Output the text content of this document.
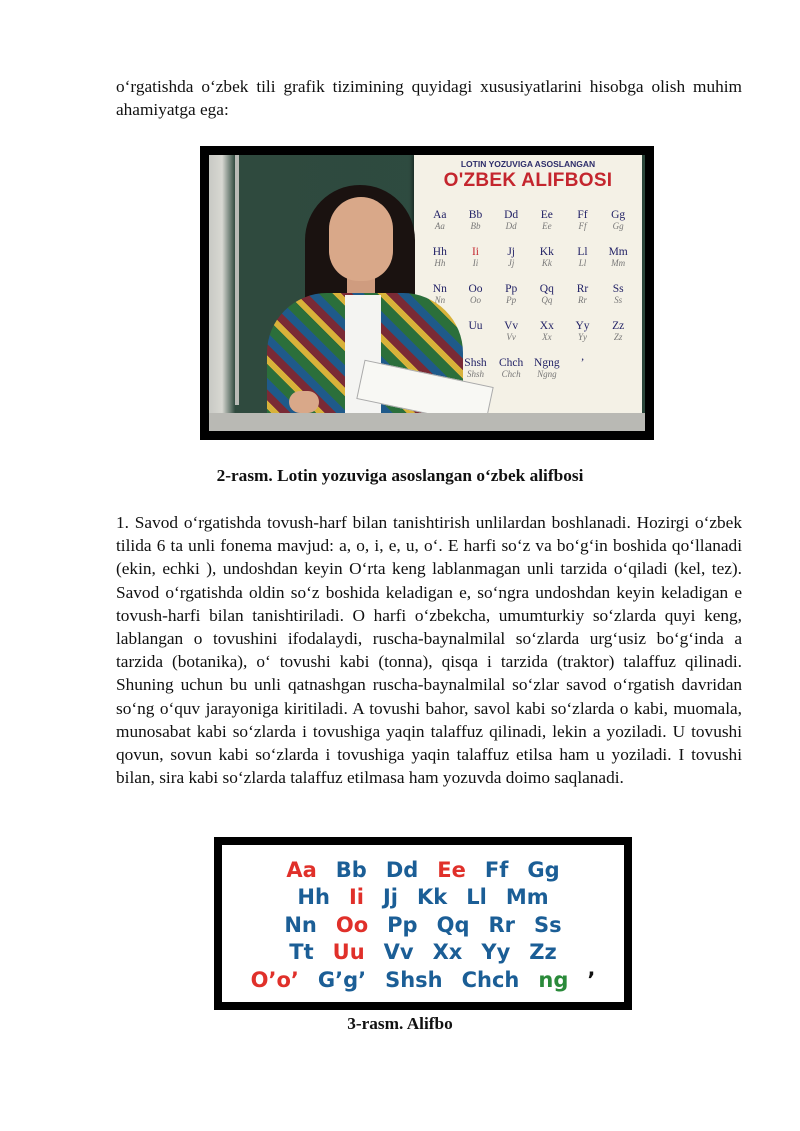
o‘rgatishda o‘zbek tili grafik tizimining quyidagi xususiyatlarini hisobga olish muhim ahamiyatga ega:

LOTIN YOZUVIGA ASOSLANGAN
O'ZBEK ALIFBOSI
Aa
Aa
Bb
Bb
Dd
Dd
Ee
Ee
Ff
Ff
Gg
Gg
Hh
Hh
Ii
Ii
Jj
Jj
Kk
Kk
Ll
Ll
Mm
Mm
Nn
Nn
Oo
Oo
Pp
Pp
Qq
Qq
Rr
Rr
Ss
Ss

Uu
	Vv
Vv
Xx
Xx
Yy
Yy
Zz
Zz

Shsh
Shsh
Chch
Chch
Ngng
Ngng
’

2-rasm. Lotin yozuviga asoslangan o‘zbek alifbosi

1. Savod o‘rgatishda tovush-harf bilan tanishtirish unlilardan boshlanadi. Hozirgi o‘zbek tilida 6 ta unli fonema mavjud: a, o, i, e, u, o‘. E harfi so‘z va bo‘g‘in boshida qo‘llanadi (ekin, echki ), undoshdan keyin O‘rta keng lablanmagan unli tarzida o‘qiladi (kel, tez). Savod o‘rgatishda oldin so‘z boshida keladigan e, so‘ngra undoshdan keyin keladigan e tovush-harfi bilan tanishtiriladi. O harfi o‘zbekcha, umumturkiy so‘zlarda quyi keng, lablangan o tovushini ifodalaydi, ruscha-baynalmilal so‘zlarda urg‘usiz bo‘g‘inda a tarzida (botanika), o‘ tovushi kabi (tonna), qisqa i tarzida (traktor) talaffuz qilinadi. Shuning uchun bu unli qatnashgan ruscha-baynalmilal so‘zlar savod o‘rgatish davridan so‘ng o‘quv jarayoniga kiritiladi. A tovushi bahor, savol kabi so‘zlarda o kabi, muomala, munosabat kabi so‘zlarda i tovushiga yaqin talaffuz qilinadi, lekin a yoziladi. U tovushi qovun, sovun kabi so‘zlarda i tovushiga yaqin talaffuz etilsa ham u yoziladi. I tovushi bilan, sira kabi so‘zlarda talaffuz etilmasa ham yozuvda doimo saqlanadi.

Aa Bb Dd Ee Ff Gg
Hh Ii Jj Kk Ll Mm
Nn Oo Pp Qq Rr Ss
Tt Uu Vv Xx Yy Zz
O’o’ G’g’ Shsh Chch ng ’

3-rasm. Alifbo
